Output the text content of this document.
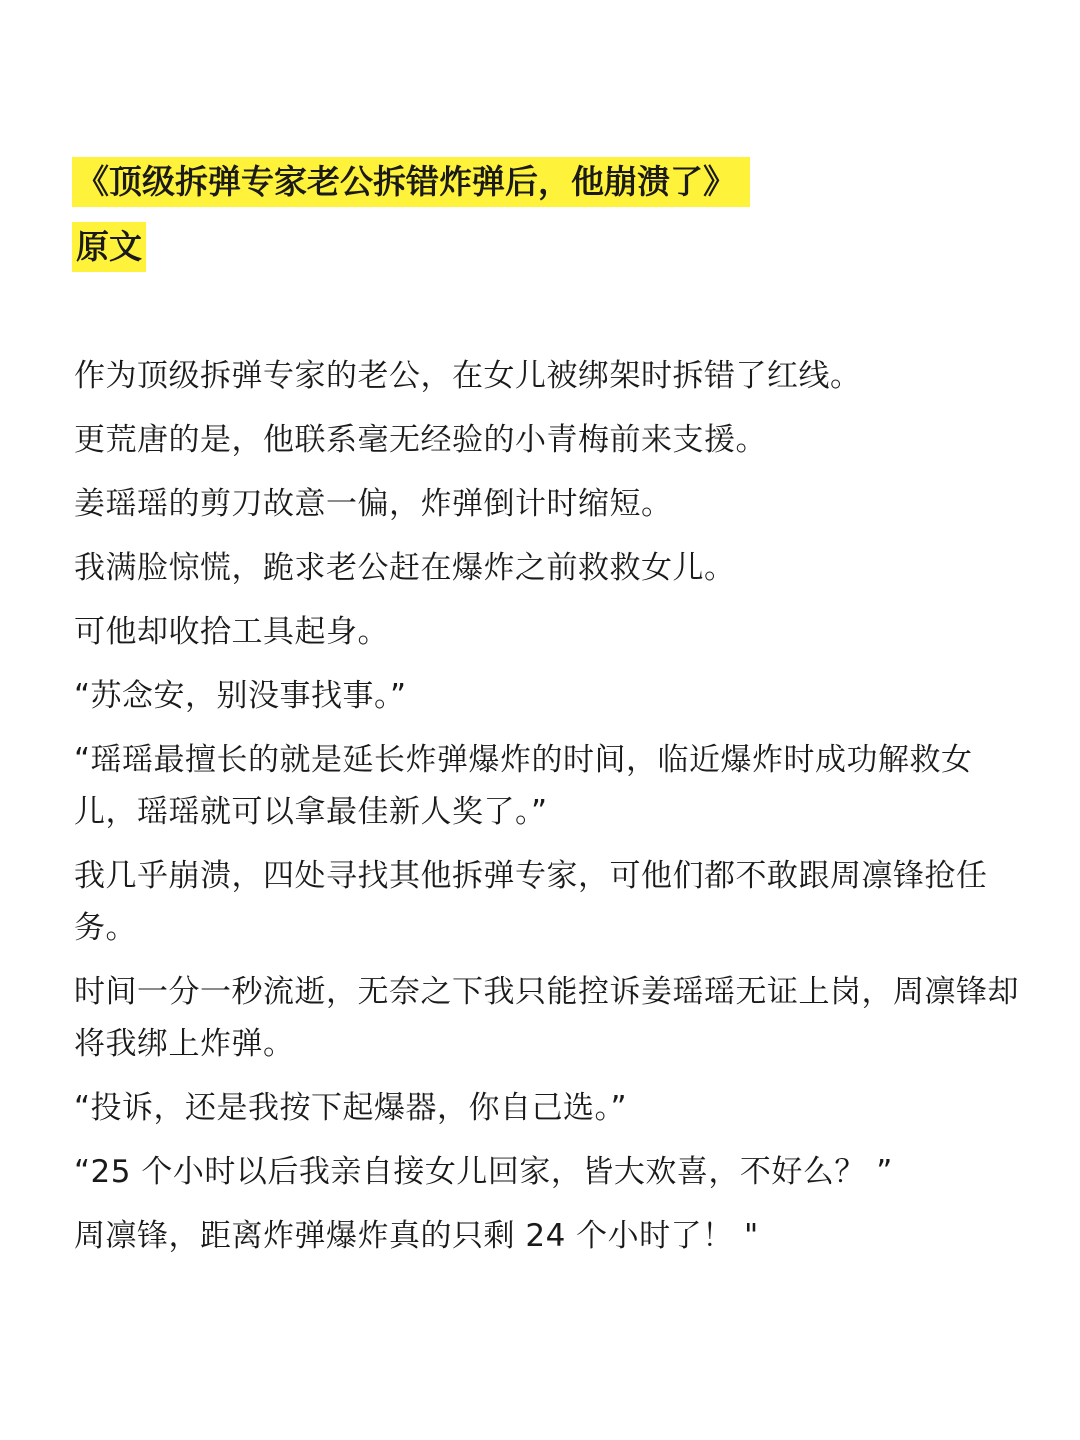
《顶级拆弹专家老公拆错炸弹后，他崩溃了》
原文

作为顶级拆弹专家的老公，在女儿被绑架时拆错了红线。

更荒唐的是，他联系毫无经验的小青梅前来支援。

姜瑶瑶的剪刀故意一偏，炸弹倒计时缩短。

我满脸惊慌，跪求老公赶在爆炸之前救救女儿。

可他却收拾工具起身。

“苏念安，别没事找事。”

“瑶瑶最擅长的就是延长炸弹爆炸的时间，临近爆炸时成功解救女儿，瑶瑶就可以拿最佳新人奖了。”

我几乎崩溃，四处寻找其他拆弹专家，可他们都不敢跟周凛锋抢任务。

时间一分一秒流逝，无奈之下我只能控诉姜瑶瑶无证上岗，周凛锋却将我绑上炸弹。

“投诉，还是我按下起爆器，你自己选。”

“25 个小时以后我亲自接女儿回家，皆大欢喜，不好么？ ”

周凛锋，距离炸弹爆炸真的只剩 24 个小时了！ "
